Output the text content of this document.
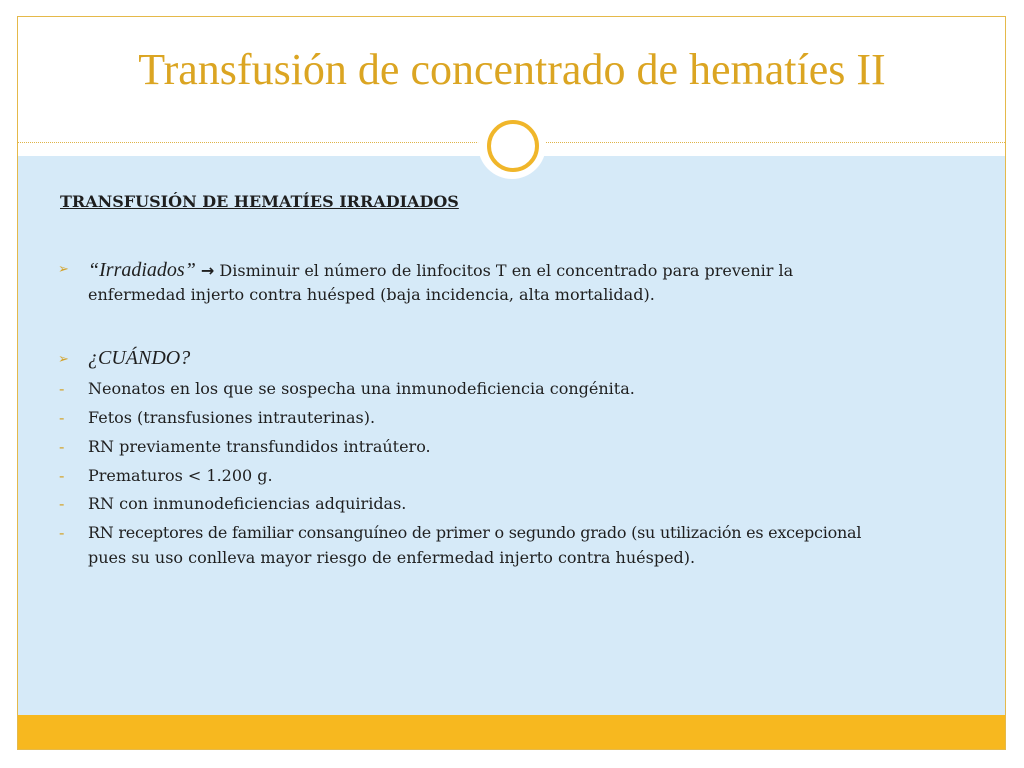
Transfusión de concentrado de hematíes II
TRANSFUSIÓN DE HEMATÍES IRRADIADOS
➢ “Irradiados” → Disminuir el número de linfocitos T en el concentrado para prevenir la
enfermedad injerto contra huésped (baja incidencia, alta mortalidad).
➢ ¿CUÁNDO?
- Neonatos en los que se sospecha una inmunodeficiencia congénita.
- Fetos (transfusiones intrauterinas).
- RN previamente transfundidos intraútero.
- Prematuros < 1.200 g.
- RN con inmunodeficiencias adquiridas.
- RN receptores de familiar consanguíneo de primer o segundo grado (su utilización es excepcional
pues su uso conlleva mayor riesgo de enfermedad injerto contra huésped).
